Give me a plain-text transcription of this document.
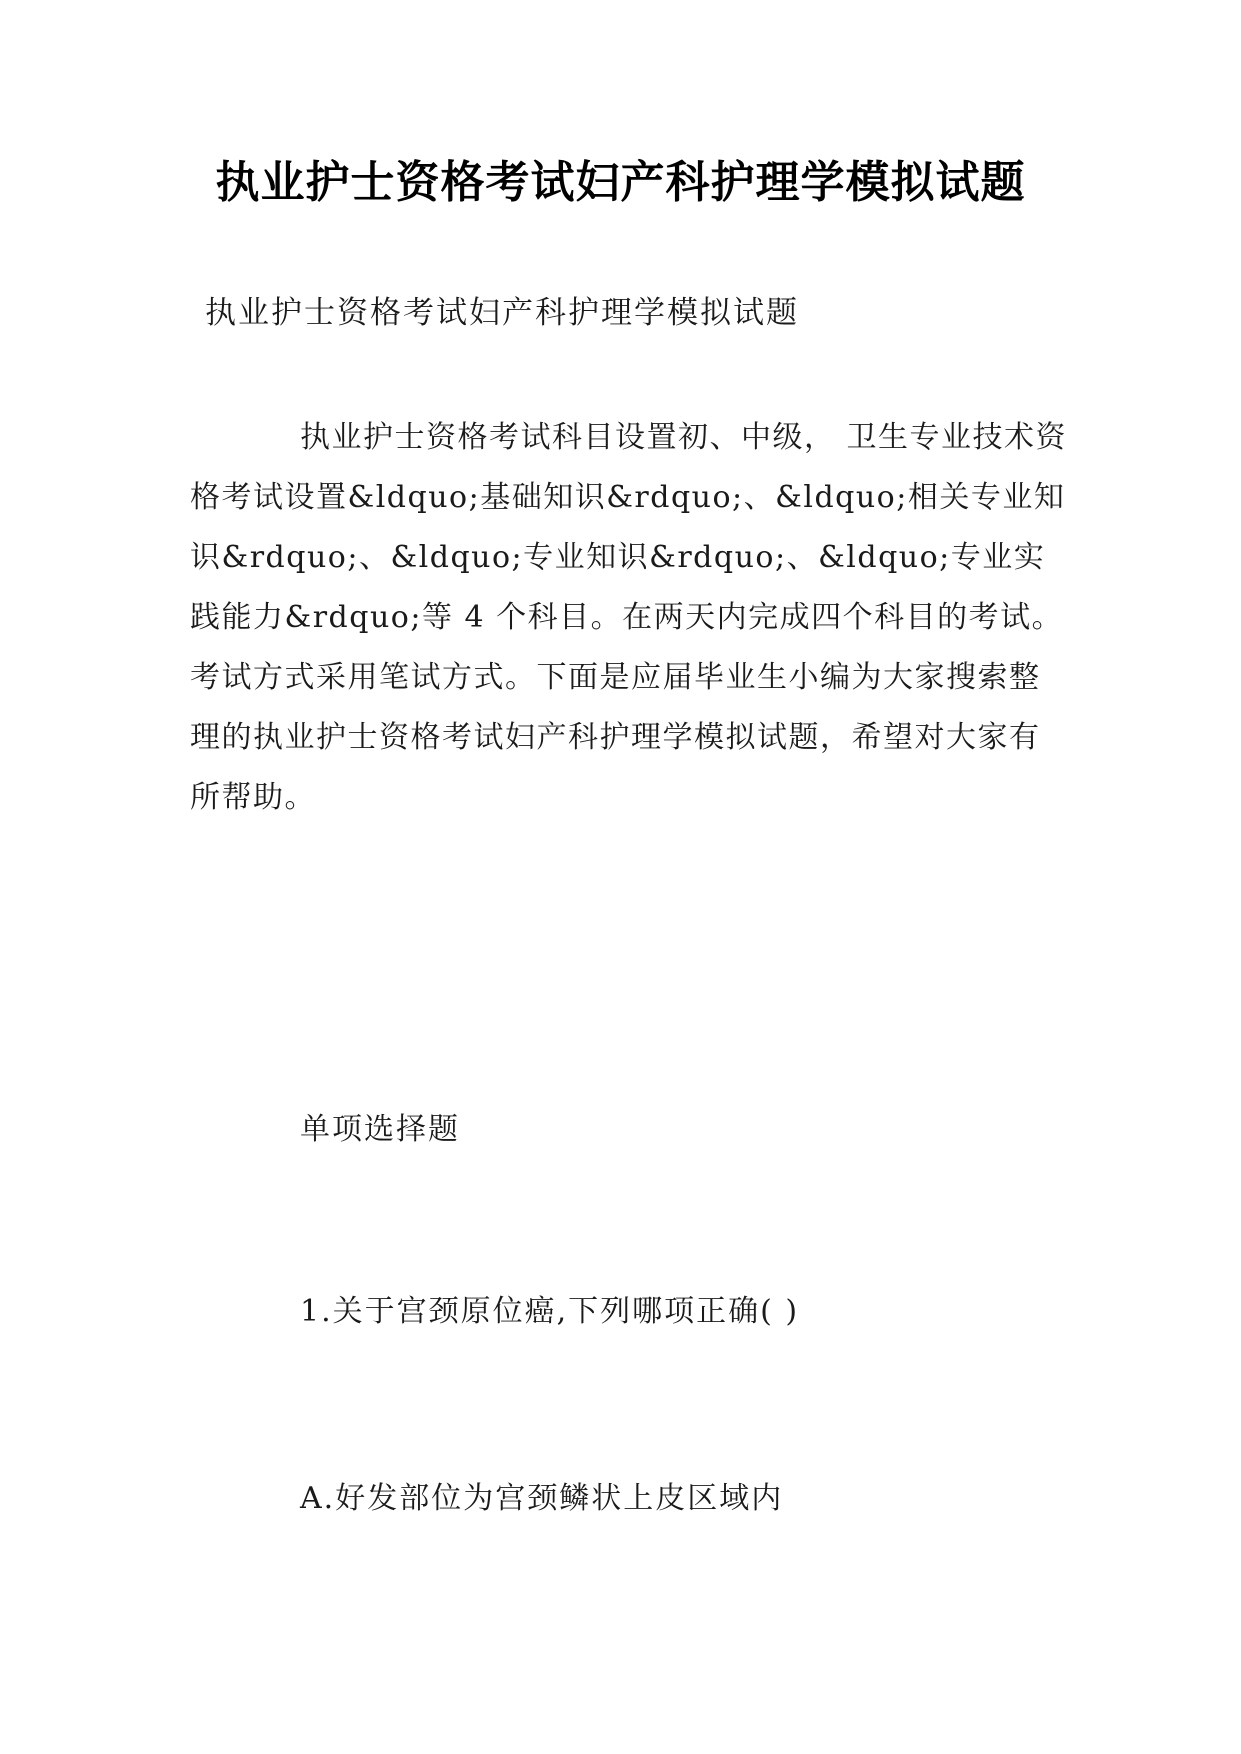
执业护士资格考试妇产科护理学模拟试题
执业护士资格考试妇产科护理学模拟试题

执业护士资格考试科目设置初、中级， 卫生专业技术资格考试设置&ldquo;基础知识&rdquo;、&ldquo;相关专业知识&rdquo;、&ldquo;专业知识&rdquo;、&ldquo;专业实践能力&rdquo;等 4 个科目。在两天内完成四个科目的考试。考试方式采用笔试方式。下面是应届毕业生小编为大家搜索整理的执业护士资格考试妇产科护理学模拟试题，希望对大家有所帮助。

单项选择题
1.关于宫颈原位癌,下列哪项正确( )
A.好发部位为宫颈鳞状上皮区域内
